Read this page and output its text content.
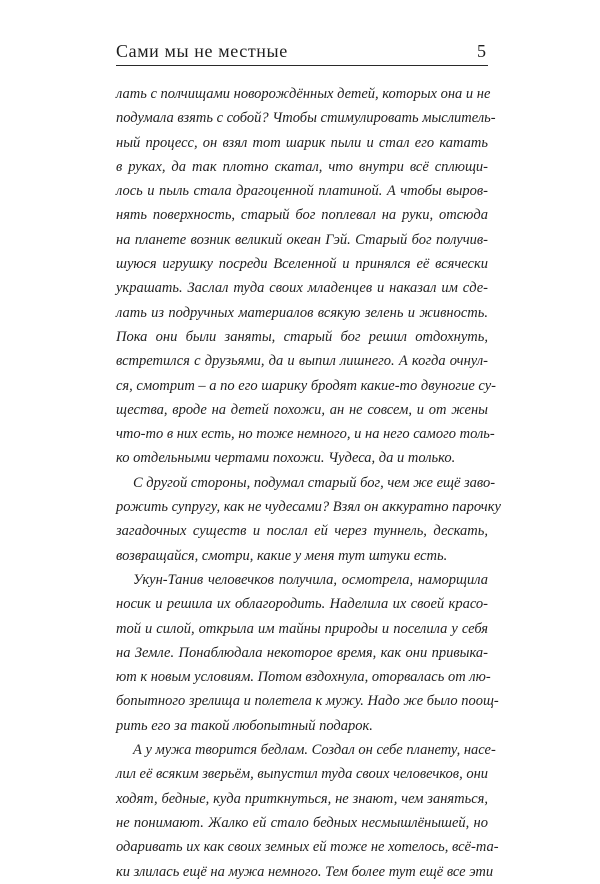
Сами мы не местные	5
лать с полчищами новорождённых детей, которых она и не
подумала взять с собой? Чтобы стимулировать мыслитель-
ный процесс, он взял тот шарик пыли и стал его катать
в руках, да так плотно скатал, что внутри всё сплющи-
лось и пыль стала драгоценной платиной. А чтобы выров-
нять поверхность, старый бог поплевал на руки, отсюда
на планете возник великий океан Гэй. Старый бог получив-
шуюся игрушку посреди Вселенной и принялся её всячески
украшать. Заслал туда своих младенцев и наказал им сде-
лать из подручных материалов всякую зелень и живность.
Пока они были заняты, старый бог решил отдохнуть,
встретился с друзьями, да и выпил лишнего. А когда очнул-
ся, смотрит – а по его шарику бродят какие-то двуногие су-
щества, вроде на детей похожи, ан не совсем, и от жены
что-то в них есть, но тоже немного, и на него самого толь-
ко отдельными чертами похожи. Чудеса, да и только.
С другой стороны, подумал старый бог, чем же ещё заво-
рожить супругу, как не чудесами? Взял он аккуратно парочку
загадочных существ и послал ей через туннель, дескать,
возвращайся, смотри, какие у меня тут штуки есть.
Укун-Танив человечков получила, осмотрела, наморщила
носик и решила их облагородить. Наделила их своей красо-
той и силой, открыла им тайны природы и поселила у себя
на Земле. Понаблюдала некоторое время, как они привыка-
ют к новым условиям. Потом вздохнула, оторвалась от лю-
бопытного зрелища и полетела к мужу. Надо же было поощ-
рить его за такой любопытный подарок.
А у мужа творится бедлам. Создал он себе планету, насе-
лил её всяким зверьём, выпустил туда своих человечков, они
ходят, бедные, куда приткнуться, не знают, чем заняться,
не понимают. Жалко ей стало бедных несмышлёнышей, но
одаривать их как своих земных ей тоже не хотелось, всё-та-
ки злилась ещё на мужа немного. Тем более тут ещё все эти
